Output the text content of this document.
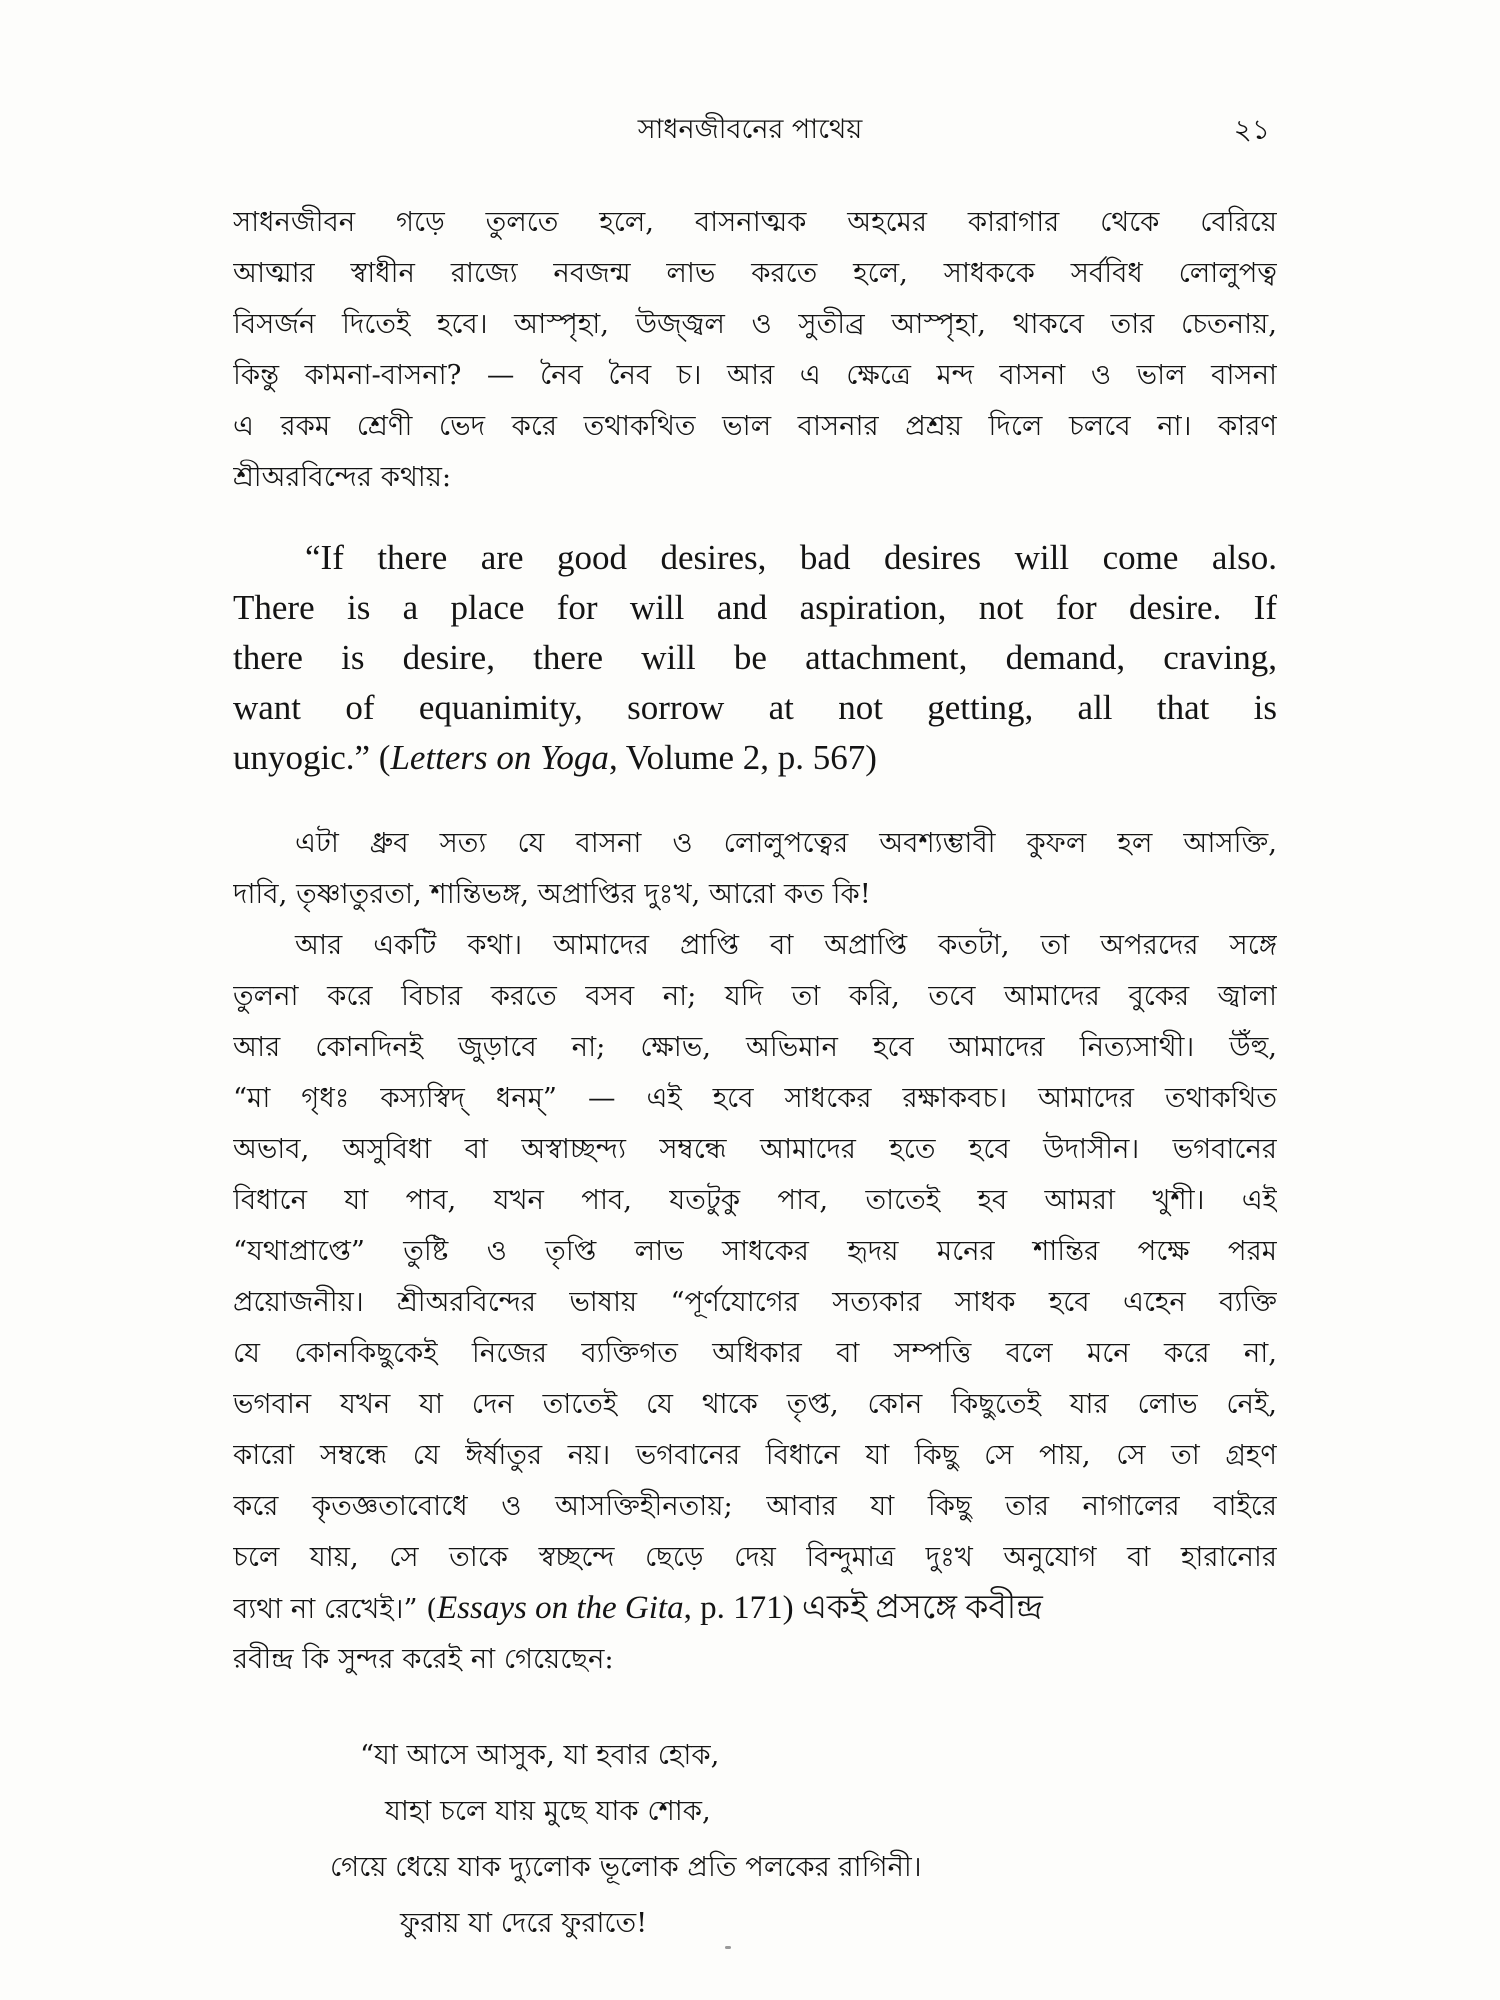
সাধনজীবনের পাথেয়	২১
সাধনজীবন গড়ে তুলতে হলে, বাসনাত্মক অহমের কারাগার থেকে বেরিয়ে
আত্মার স্বাধীন রাজ্যে নবজন্ম লাভ করতে হলে, সাধককে সর্ববিধ লোলুপত্ব
বিসর্জন দিতেই হবে। আস্পৃহা, উজ্জ্বল ও সুতীব্র আস্পৃহা, থাকবে তার চেতনায়,
কিন্তু কামনা-বাসনা? — নৈব নৈব চ। আর এ ক্ষেত্রে মন্দ বাসনা ও ভাল বাসনা
এ রকম শ্রেণী ভেদ করে তথাকথিত ভাল বাসনার প্রশ্রয় দিলে চলবে না। কারণ
শ্রীঅরবিন্দের কথায়:
“If there are good desires, bad desires will come also.
There is a place for will and aspiration, not for desire. If
there is desire, there will be attachment, demand, craving,
want of equanimity, sorrow at not getting, all that is
unyogic.” (Letters on Yoga, Volume 2, p. 567)
এটা ধ্রুব সত্য যে বাসনা ও লোলুপত্বের অবশ্যম্ভাবী কুফল হল আসক্তি,
দাবি, তৃষ্ণাতুরতা, শান্তিভঙ্গ, অপ্রাপ্তির দুঃখ, আরো কত কি!
আর একটি কথা। আমাদের প্রাপ্তি বা অপ্রাপ্তি কতটা, তা অপরদের সঙ্গে
তুলনা করে বিচার করতে বসব না; যদি তা করি, তবে আমাদের বুকের জ্বালা
আর কোনদিনই জুড়াবে না; ক্ষোভ, অভিমান হবে আমাদের নিত্যসাথী। উঁহু,
“মা গৃধঃ কস্যস্বিদ্ ধনম্” — এই হবে সাধকের রক্ষাকবচ। আমাদের তথাকথিত
অভাব, অসুবিধা বা অস্বাচ্ছন্দ্য সম্বন্ধে আমাদের হতে হবে উদাসীন। ভগবানের
বিধানে যা পাব, যখন পাব, যতটুকু পাব, তাতেই হব আমরা খুশী। এই
“যথাপ্রাপ্তে” তুষ্টি ও তৃপ্তি লাভ সাধকের হৃদয় মনের শান্তির পক্ষে পরম
প্রয়োজনীয়। শ্রীঅরবিন্দের ভাষায় “পূর্ণযোগের সত্যকার সাধক হবে এহেন ব্যক্তি
যে কোনকিছুকেই নিজের ব্যক্তিগত অধিকার বা সম্পত্তি বলে মনে করে না,
ভগবান যখন যা দেন তাতেই যে থাকে তৃপ্ত, কোন কিছুতেই যার লোভ নেই,
কারো সম্বন্ধে যে ঈর্ষাতুর নয়। ভগবানের বিধানে যা কিছু সে পায়, সে তা গ্রহণ
করে কৃতজ্ঞতাবোধে ও আসক্তিহীনতায়; আবার যা কিছু তার নাগালের বাইরে
চলে যায়, সে তাকে স্বচ্ছন্দে ছেড়ে দেয় বিন্দুমাত্র দুঃখ অনুযোগ বা হারানোর
ব্যথা না রেখেই।” (Essays on the Gita, p. 171) একই প্রসঙ্গে কবীন্দ্র
রবীন্দ্র কি সুন্দর করেই না গেয়েছেন:
“যা আসে আসুক, যা হবার হোক,
যাহা চলে যায় মুছে যাক শোক,
গেয়ে ধেয়ে যাক দ্যুলোক ভূলোক প্রতি পলকের রাগিনী।
ফুরায় যা দেরে ফুরাতে!
